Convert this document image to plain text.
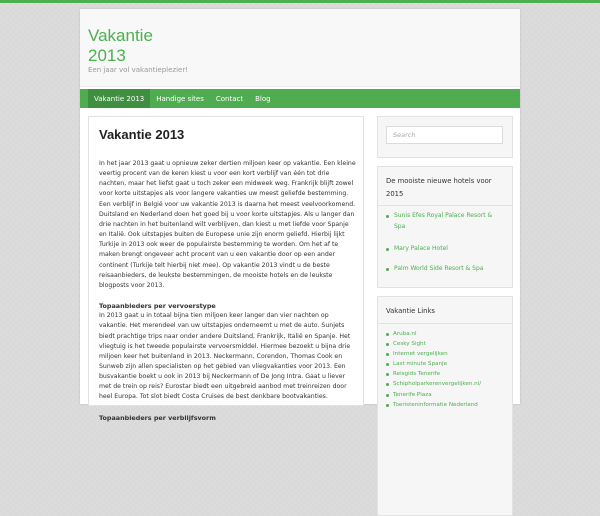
Vakantie 2013
Een jaar vol vakantieplezier!
Vakantie 2013	Handige sites	Contact	Blog
Vakantie 2013

In het jaar 2013 gaat u opnieuw zeker dertien miljoen keer op vakantie. Een kleine veertig procent van de keren kiest u voor een kort verblijf van één tot drie nachten, maar het liefst gaat u toch zeker een midweek weg. Frankrijk blijft zowel voor korte uitstapjes als voor langere vakanties uw meest geliefde bestemming. Een verblijf in België voor uw vakantie 2013 is daarna het meest veelvoorkomend. Duitsland en Nederland doen het goed bij u voor korte uitstapjes. Als u langer dan drie nachten in het buitenland wilt verblijven, dan kiest u met liefde voor Spanje en Italië. Ook uitstapjes buiten de Europese unie zijn enorm geliefd. Hierbij lijkt Turkije in 2013 ook weer de populairste bestemming te worden. Om het af te maken brengt ongeveer acht procent van u een vakantie door op een ander continent (Turkije telt hierbij niet mee). Op vakantie 2013 vindt u de beste reisaanbieders, de leukste bestemmingen, de mooiste hotels en de leukste blogposts voor 2013.

Topaanbieders per vervoerstype

In 2013 gaat u in totaal bijna tien miljoen keer langer dan vier nachten op vakantie. Het merendeel van uw uitstapjes onderneemt u met de auto. Sunjets biedt prachtige trips naar onder andere Duitsland, Frankrijk, Italië en Spanje. Het vliegtuig is het tweede populairste vervoersmiddel. Hiermee bezoekt u bijna drie miljoen keer het buitenland in 2013. Neckermann, Corendon, Thomas Cook en Sunweb zijn allen specialisten op het gebied van vliegvakanties voor 2013. Een busvakantie boekt u ook in 2013 bij Neckermann of De Jong Intra. Gaat u liever met de trein op reis? Eurostar biedt een uitgebreid aanbod met treinreizen door heel Europa. Tot slot biedt Costa Cruises de best denkbare bootvakanties.

Topaanbieders per verblijfsvorm
Search
De mooiste nieuwe hotels voor 2015
Sunis Efes Royal Palace Resort & Spa
Mary Palace Hotel
Palm World Side Resort & Spa
Vakantie Links
Aruba.nl
Cesky Sight
Internet vergelijken
Last minute Spanje
Reisgids Tenerife
Schipholparkerenvergelijken.nl/
Tenerife Plaza
Toeristeninformatie Nederland
